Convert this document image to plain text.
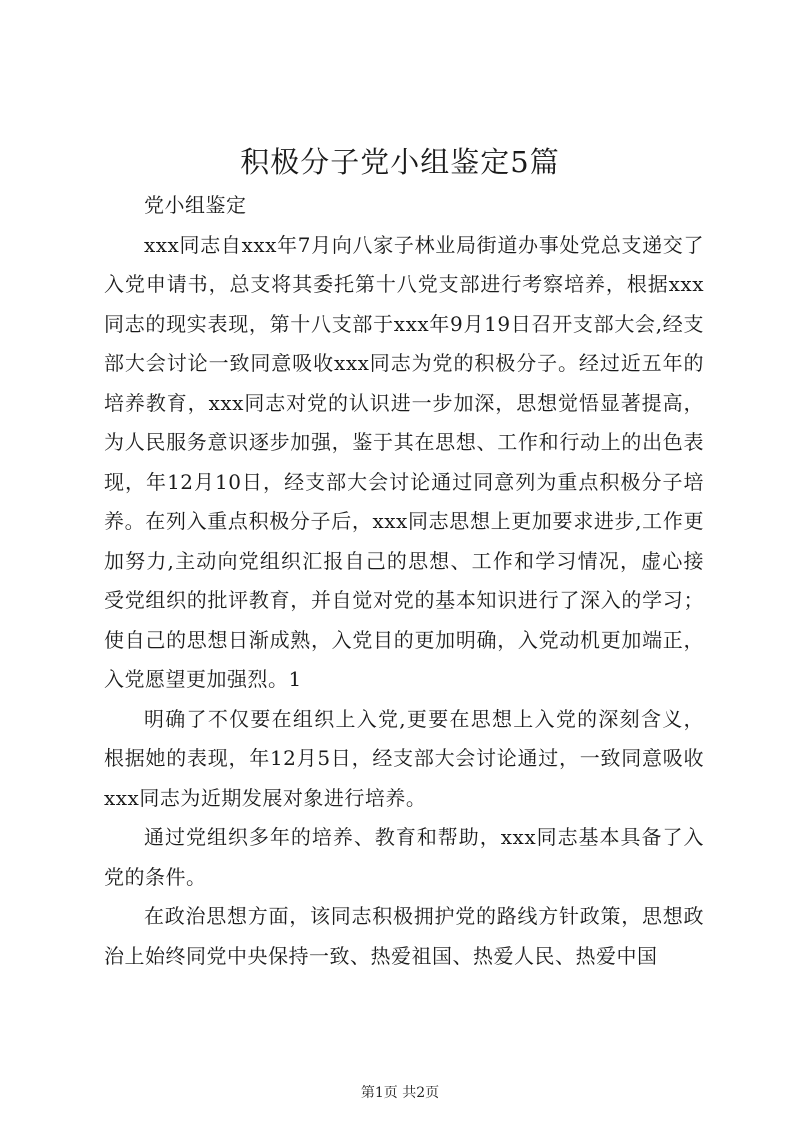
积极分子党小组鉴定5篇

党小组鉴定

xxx同志自xxx年7月向八家子林业局街道办事处党总支递交了入党申请书，总支将其委托第十八党支部进行考察培养，根据xxx同志的现实表现，第十八支部于xxx年9月19日召开支部大会,经支部大会讨论一致同意吸收xxx同志为党的积极分子。经过近五年的培养教育，xxx同志对党的认识进一步加深，思想觉悟显著提高，为人民服务意识逐步加强，鉴于其在思想、工作和行动上的出色表现，年12月10日，经支部大会讨论通过同意列为重点积极分子培养。在列入重点积极分子后，xxx同志思想上更加要求进步,工作更加努力,主动向党组织汇报自己的思想、工作和学习情况，虚心接受党组织的批评教育，并自觉对党的基本知识进行了深入的学习；使自己的思想日渐成熟，入党目的更加明确，入党动机更加端正，入党愿望更加强烈。1

明确了不仅要在组织上入党,更要在思想上入党的深刻含义，根据她的表现，年12月5日，经支部大会讨论通过，一致同意吸收xxx同志为近期发展对象进行培养。

通过党组织多年的培养、教育和帮助，xxx同志基本具备了入党的条件。

在政治思想方面，该同志积极拥护党的路线方针政策，思想政治上始终同党中央保持一致、热爱祖国、热爱人民、热爱中国

第1页 共2页
